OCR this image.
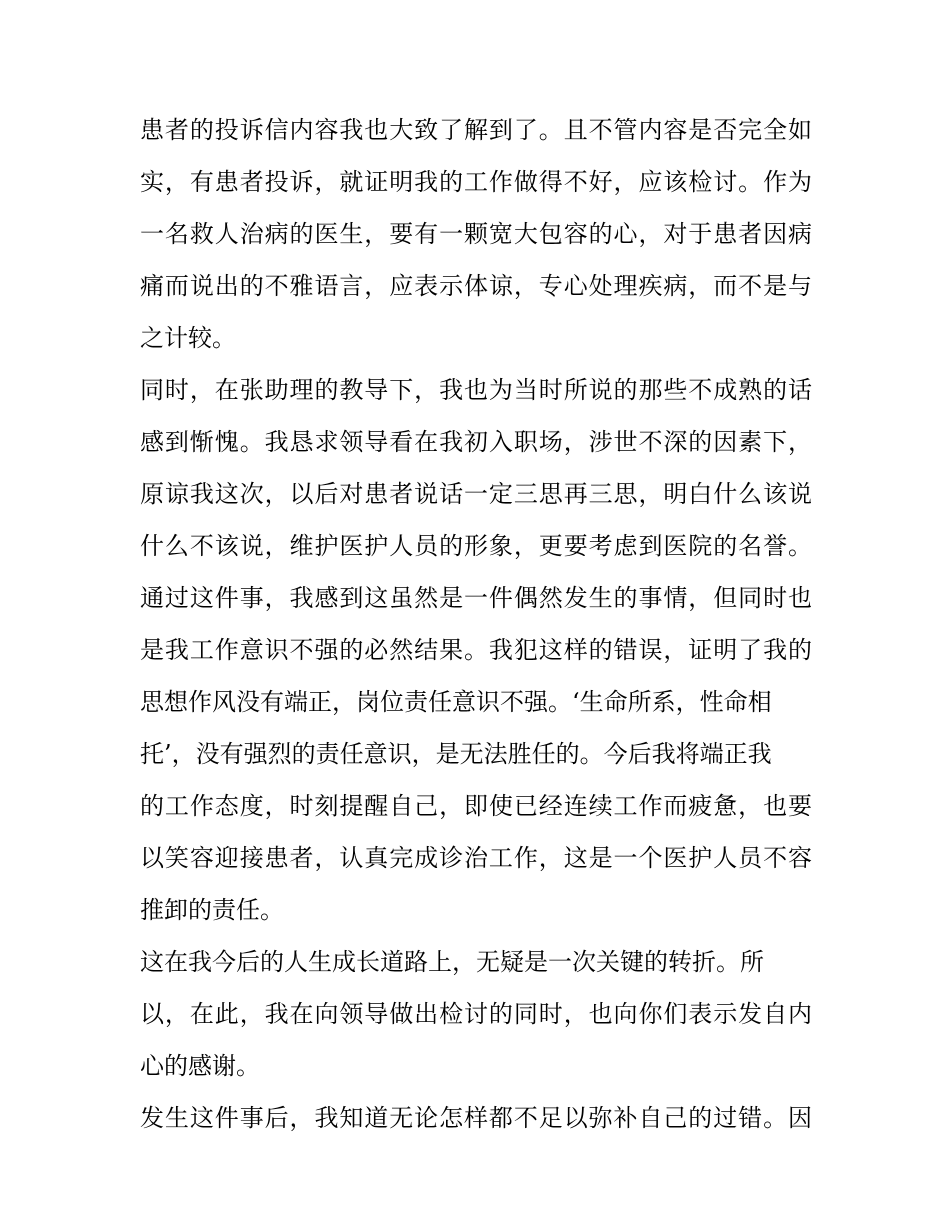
患者的投诉信内容我也大致了解到了。且不管内容是否完全如
实，有患者投诉，就证明我的工作做得不好，应该检讨。作为
一名救人治病的医生，要有一颗宽大包容的心，对于患者因病
痛而说出的不雅语言，应表示体谅，专心处理疾病，而不是与
之计较。
同时，在张助理的教导下，我也为当时所说的那些不成熟的话
感到惭愧。我恳求领导看在我初入职场，涉世不深的因素下，
原谅我这次，以后对患者说话一定三思再三思，明白什么该说
什么不该说，维护医护人员的形象，更要考虑到医院的名誉。
通过这件事，我感到这虽然是一件偶然发生的事情，但同时也
是我工作意识不强的必然结果。我犯这样的错误，证明了我的
思想作风没有端正，岗位责任意识不强。‘生命所系，性命相
托’，没有强烈的责任意识，是无法胜任的。今后我将端正我
的工作态度，时刻提醒自己，即使已经连续工作而疲惫，也要
以笑容迎接患者，认真完成诊治工作，这是一个医护人员不容
推卸的责任。
这在我今后的人生成长道路上，无疑是一次关键的转折。所
以，在此，我在向领导做出检讨的同时，也向你们表示发自内
心的感谢。
发生这件事后，我知道无论怎样都不足以弥补自己的过错。因
